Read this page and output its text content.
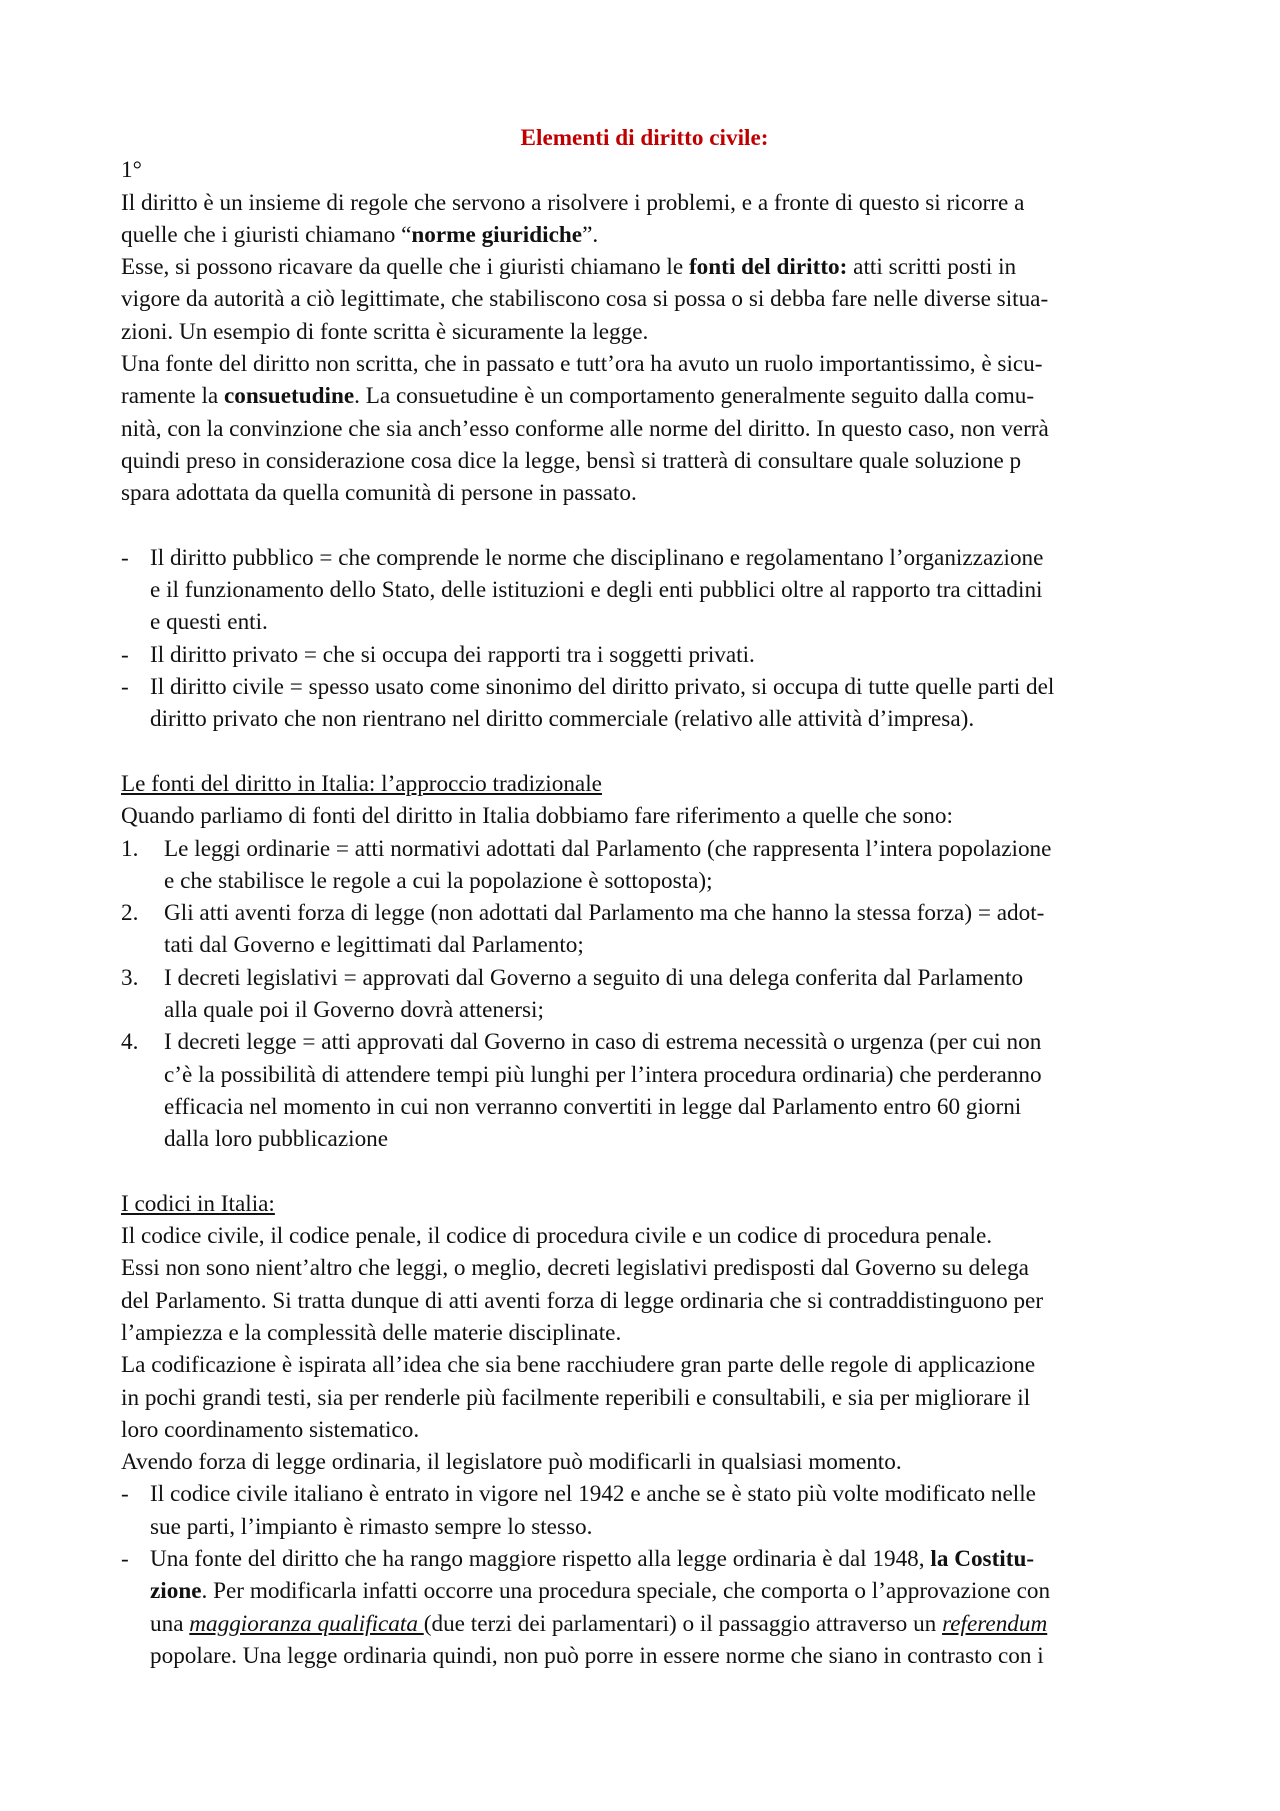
Elementi di diritto civile:
1°
Il diritto è un insieme di regole che servono a risolvere i problemi, e a fronte di questo si ricorre a
quelle che i giuristi chiamano “norme giuridiche”.
Esse, si possono ricavare da quelle che i giuristi chiamano le fonti del diritto: atti scritti posti in
vigore da autorità a ciò legittimate, che stabiliscono cosa si possa o si debba fare nelle diverse situa-
zioni. Un esempio di fonte scritta è sicuramente la legge.
Una fonte del diritto non scritta, che in passato e tutt’ora ha avuto un ruolo importantissimo, è sicu-
ramente la consuetudine. La consuetudine è un comportamento generalmente seguito dalla comu-
nità, con la convinzione che sia anch’esso conforme alle norme del diritto. In questo caso, non verrà
quindi preso in considerazione cosa dice la legge, bensì si tratterà di consultare quale soluzione p
spara adottata da quella comunità di persone in passato.
- Il diritto pubblico = che comprende le norme che disciplinano e regolamentano l’organizzazione
e il funzionamento dello Stato, delle istituzioni e degli enti pubblici oltre al rapporto tra cittadini
e questi enti.
- Il diritto privato = che si occupa dei rapporti tra i soggetti privati.
- Il diritto civile = spesso usato come sinonimo del diritto privato, si occupa di tutte quelle parti del
diritto privato che non rientrano nel diritto commerciale (relativo alle attività d’impresa).
Le fonti del diritto in Italia: l’approccio tradizionale
Quando parliamo di fonti del diritto in Italia dobbiamo fare riferimento a quelle che sono:
1. Le leggi ordinarie = atti normativi adottati dal Parlamento (che rappresenta l’intera popolazione
e che stabilisce le regole a cui la popolazione è sottoposta);
2. Gli atti aventi forza di legge (non adottati dal Parlamento ma che hanno la stessa forza) = adot-
tati dal Governo e legittimati dal Parlamento;
3. I decreti legislativi = approvati dal Governo a seguito di una delega conferita dal Parlamento
alla quale poi il Governo dovrà attenersi;
4. I decreti legge = atti approvati dal Governo in caso di estrema necessità o urgenza (per cui non
c’è la possibilità di attendere tempi più lunghi per l’intera procedura ordinaria) che perderanno
efficacia nel momento in cui non verranno convertiti in legge dal Parlamento entro 60 giorni
dalla loro pubblicazione
I codici in Italia:
Il codice civile, il codice penale, il codice di procedura civile e un codice di procedura penale.
Essi non sono nient’altro che leggi, o meglio, decreti legislativi predisposti dal Governo su delega
del Parlamento. Si tratta dunque di atti aventi forza di legge ordinaria che si contraddistinguono per
l’ampiezza e la complessità delle materie disciplinate.
La codificazione è ispirata all’idea che sia bene racchiudere gran parte delle regole di applicazione
in pochi grandi testi, sia per renderle più facilmente reperibili e consultabili, e sia per migliorare il
loro coordinamento sistematico.
Avendo forza di legge ordinaria, il legislatore può modificarli in qualsiasi momento.
- Il codice civile italiano è entrato in vigore nel 1942 e anche se è stato più volte modificato nelle
sue parti, l’impianto è rimasto sempre lo stesso.
- Una fonte del diritto che ha rango maggiore rispetto alla legge ordinaria è dal 1948, la Costitu-
zione. Per modificarla infatti occorre una procedura speciale, che comporta o l’approvazione con
una maggioranza qualificata (due terzi dei parlamentari) o il passaggio attraverso un referendum
popolare. Una legge ordinaria quindi, non può porre in essere norme che siano in contrasto con i
